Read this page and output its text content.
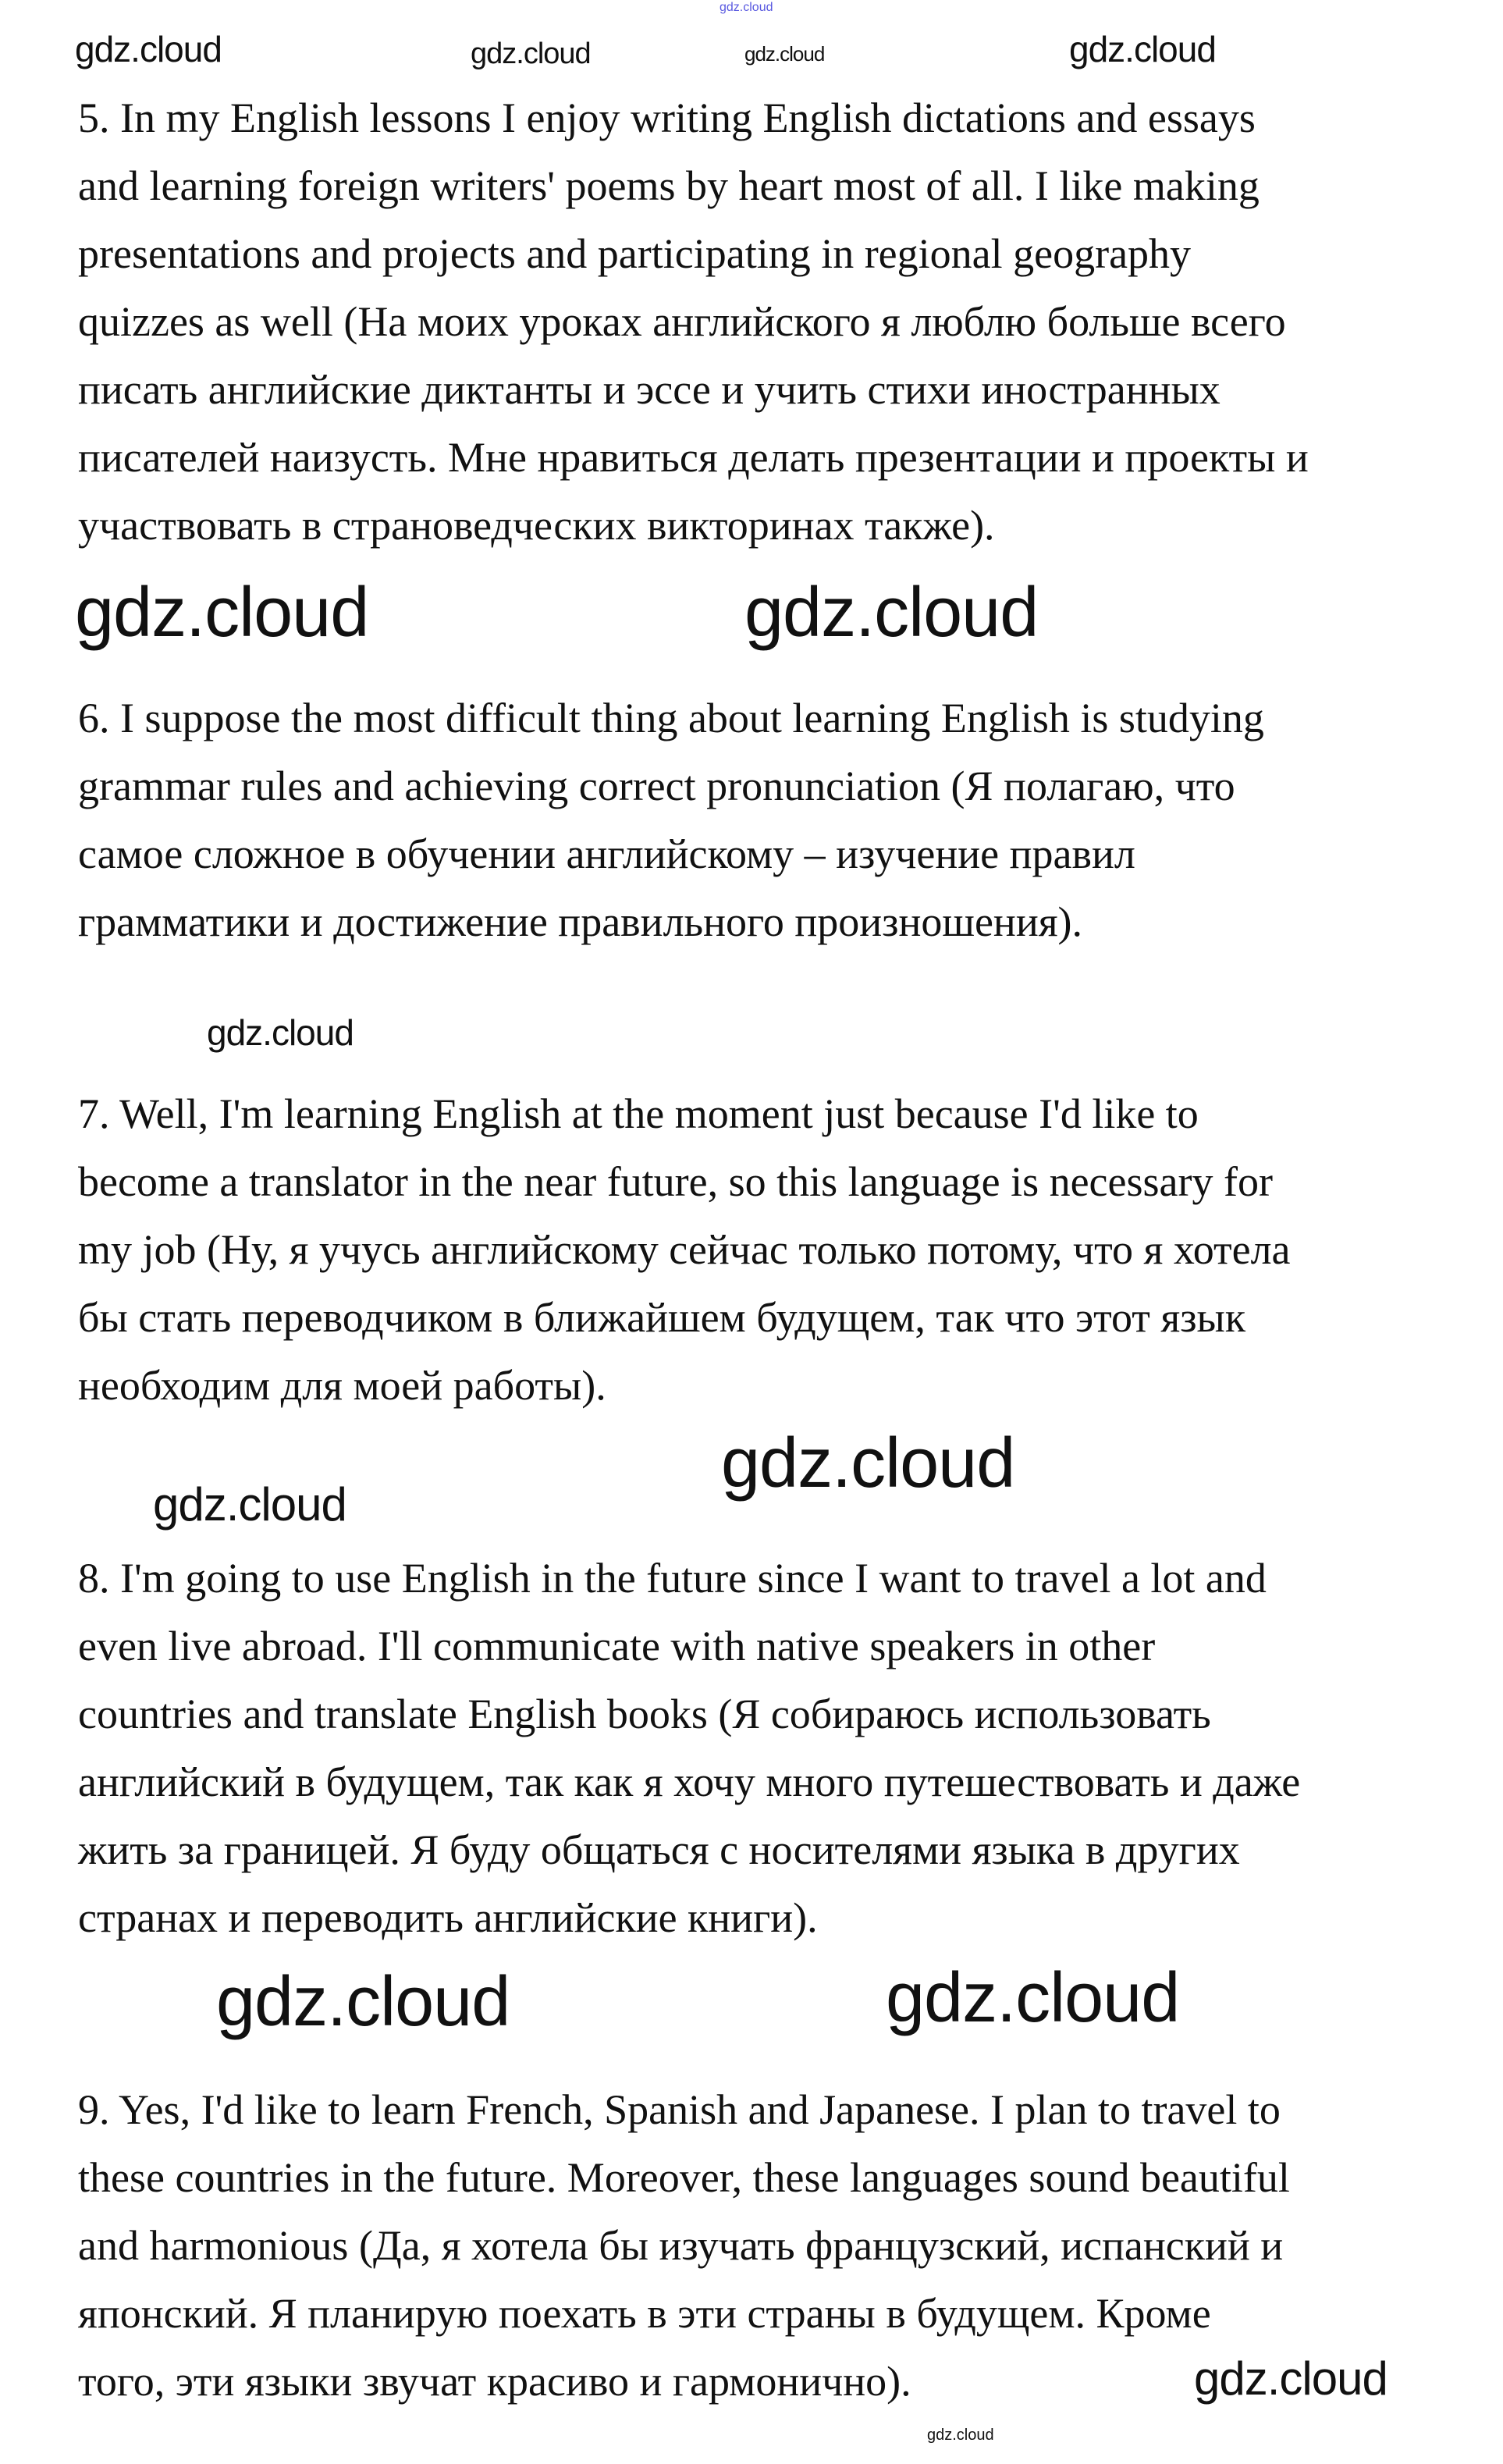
5. In my English lessons I enjoy writing English dictations and essays
and learning foreign writers' poems by heart most of all. I like making
presentations and projects and participating in regional geography
quizzes as well (На моих уроках английского я люблю больше всего
писать английские диктанты и эссе и учить стихи иностранных
писателей наизусть. Мне нравиться делать презентации и проекты и
участвовать в страноведческих викторинах также).
6. I suppose the most difficult thing about learning English is studying
grammar rules and achieving correct pronunciation (Я полагаю, что
самое сложное в обучении английскому – изучение правил
грамматики и достижение правильного произношения).
7. Well, I'm learning English at the moment just because I'd like to
become a translator in the near future, so this language is necessary for
my job (Ну, я учусь английскому сейчас только потому, что я хотела
бы стать переводчиком в ближайшем будущем, так что этот язык
необходим для моей работы).
8. I'm going to use English in the future since I want to travel a lot and
even live abroad. I'll communicate with native speakers in other
countries and translate English books (Я собираюсь использовать
английский в будущем, так как я хочу много путешествовать и даже
жить за границей. Я буду общаться с носителями языка в других
странах и переводить английские книги).
9. Yes, I'd like to learn French, Spanish and Japanese. I plan to travel to
these countries in the future. Moreover, these languages sound beautiful
and harmonious (Да, я хотела бы изучать французский, испанский и
японский. Я планирую поехать в эти страны в будущем. Кроме
того, эти языки звучат красиво и гармонично).
gdz.cloud
gdz.cloud	gdz.cloud	gdz.cloud	gdz.cloud
gdz.cloud	gdz.cloud
gdz.cloud
gdz.cloud
gdz.cloud
gdz.cloud
gdz.cloud
gdz.cloud
gdz.cloud
